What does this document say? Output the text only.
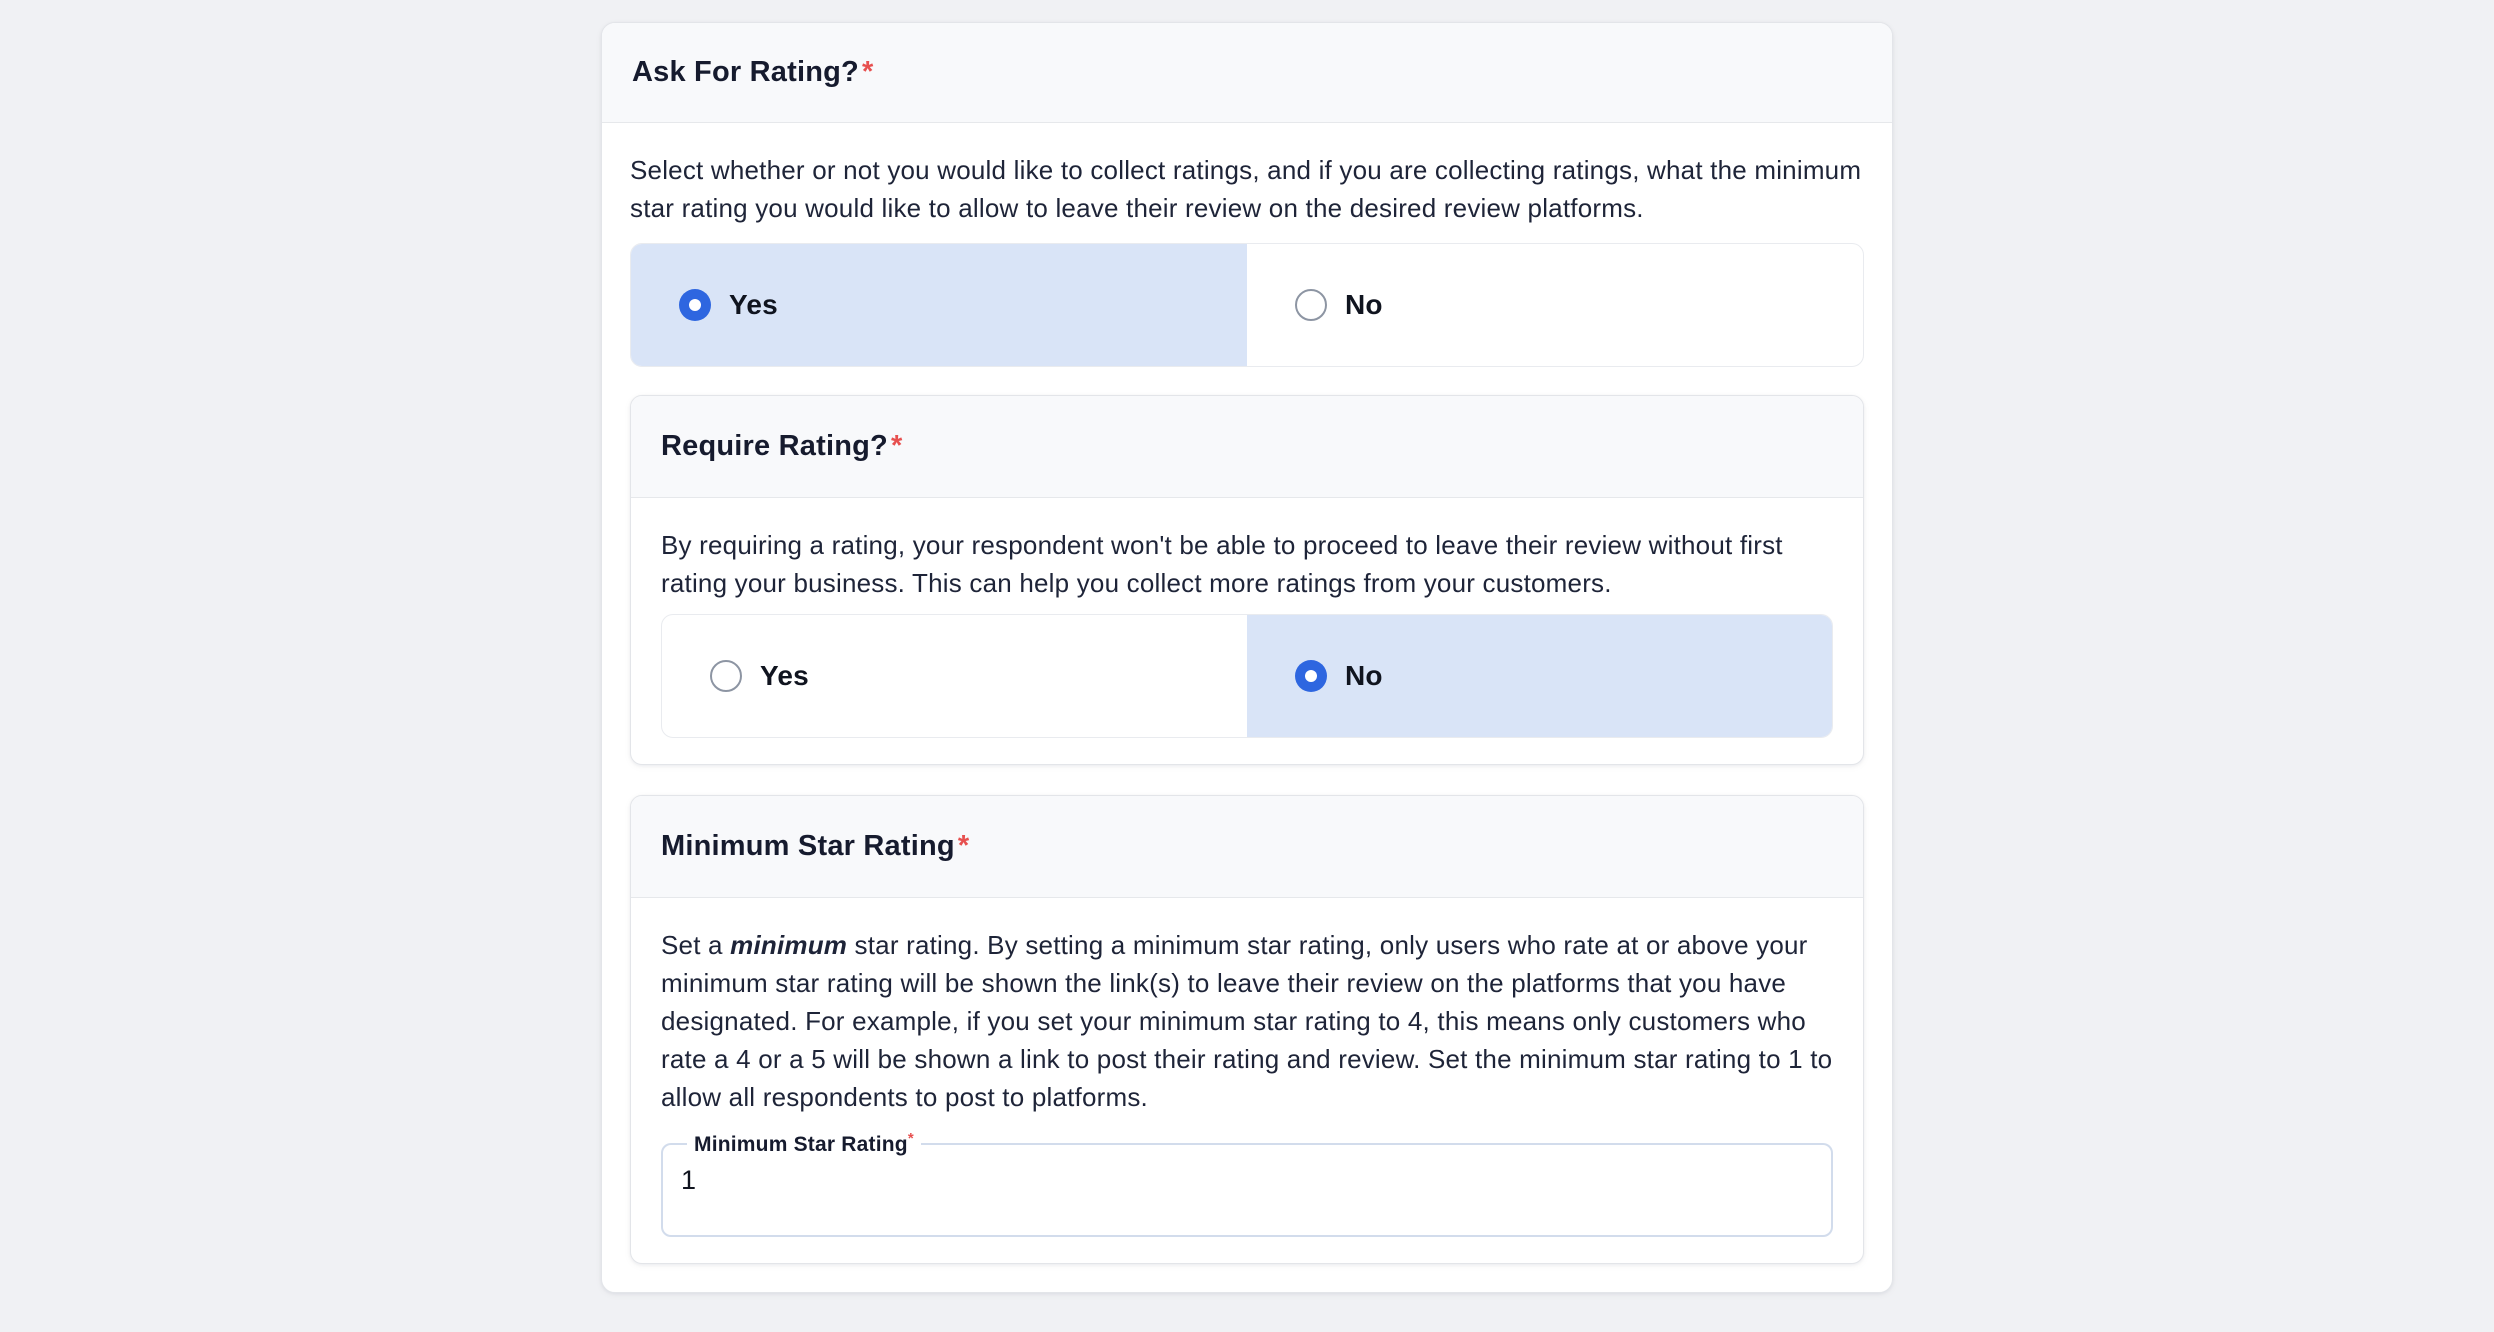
Ask For Rating? *

Select whether or not you would like to collect ratings, and if you are collecting ratings, what the minimum star rating you would like to allow to leave their review on the desired review platforms.

Yes	No
Require Rating? *

By requiring a rating, your respondent won't be able to proceed to leave their review without first rating your business. This can help you collect more ratings from your customers.

Yes	No
Minimum Star Rating *

Set a minimum star rating. By setting a minimum star rating, only users who rate at or above your minimum star rating will be shown the link(s) to leave their review on the platforms that you have designated. For example, if you set your minimum star rating to 4, this means only customers who rate a 4 or a 5 will be shown a link to post their rating and review. Set the minimum star rating to 1 to allow all respondents to post to platforms.

Minimum Star Rating*
1
